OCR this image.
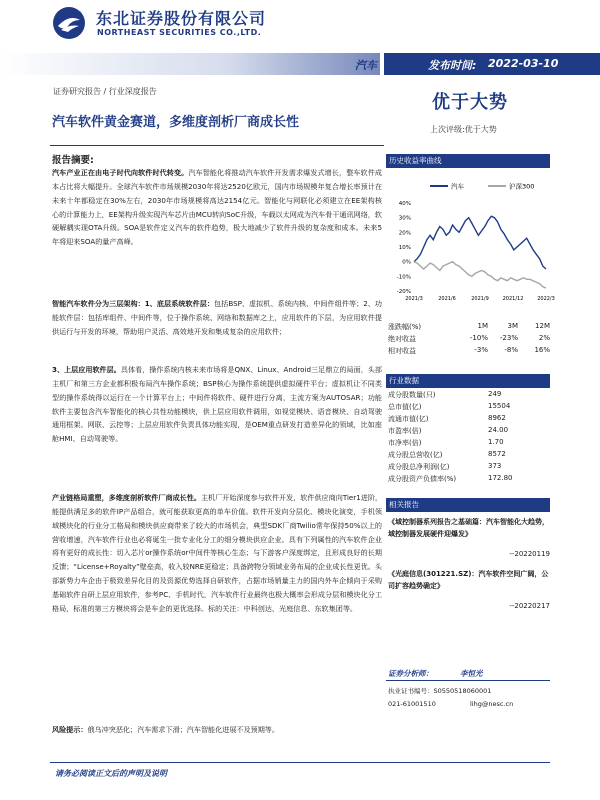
东北证券股份有限公司
NORTHEAST SECURITIES CO.,LTD.
汽车	发布时间: 2022-03-10
证券研究报告 / 行业深度报告
汽车软件黄金赛道，多维度剖析厂商成长性
优于大势
上次评级:优于大势
报告摘要:
汽车产业正在由电子时代向软件时代转变。汽车智能化将推动汽车软件开发需求爆发式增长，整车软件成本占比将大幅提升。全球汽车软件市场规模2030年将达2520亿欧元，国内市场规模年复合增长率预计在未来十年都稳定在30%左右，2030年市场规模将高达2154亿元。智能化与网联化必须建立在EE架构核心的计算能力上，EE架构升级实现汽车芯片由MCU转向SoC升级，车载以太网成为汽车骨干通讯网络，软硬解耦实现OTA升级。SOA是软件定义汽车的软件趋势，极大地减少了软件升级的复杂度和成本。未来5年将迎来SOA的量产高峰。
智能汽车软件分为三层架构：1、底层系统软件层：包括BSP、虚拟机、系统内核、中间件组件等；2、功能软件层：包括库组件、中间件等，位于操作系统、网络和数据库之上，应用软件的下层，为应用软件提供运行与开发的环境，帮助用户灵活、高效地开发和集成复杂的应用软件；
3、上层应用软件层。具体看，操作系统内核未来市场将是QNX、Linux、Android三足鼎立的局面，头部主机厂和第三方企业都积极布局汽车操作系统；BSP核心为操作系统提供虚拟硬件平台；虚拟机让不同类型的操作系统得以运行在一个计算平台上；中间件将软件、硬件进行分离，主流方案为AUTOSAR；功能软件主要包含汽车智能化的核心共性功能模块，供上层应用软件调用，如视觉模块、语音模块、自动驾驶通用框架、网联、云控等；上层应用软件负责具体功能实现，是OEM重点研发打造差异化的领域，比如座舱HMI、自动驾驶等。
产业链格局重塑，多维度剖析软件厂商成长性。主机厂开始深度参与软件开发，软件供应商向Tier1进阶，能提供满足多的软件IP产品组合，就可能获取更高的单车价值。软件开发向分层化、模块化演变，手机领域模块化的行业分工格局和模块供应商带来了较大的市场机会，典型SDK厂商Twilio常年保持50%以上的营收增速，汽车软件行业也必将诞生一批专业化分工的细分模块供应企业。具有下列属性的汽车软件企业将有更好的成长性：切入芯片or操作系统or中间件等核心生态；与下游客户深度绑定，且形成良好的长期反馈；“License+Royalty”壁垒高，收入较NRE更稳定；具备跨物分领域业务布局的企业成长性更优。头部新势力车企由于极致差异化目的及资源优势选择自研软件，占据市场销量主力的国内外车企倾向于采购基础软件自研上层应用软件，参考PC、手机时代，汽车软件行业最终也极大概率会形成分层和模块化分工格局，标准的第三方模块将会是车企的更优选择。标的关注：中科创达、光庭信息、东软集团等。
风险提示：俄乌冲突恶化；汽车需求下滑；汽车智能化进展不及预期等。
历史收益率曲线
汽车	沪深300
40%
30%
20%
10%
0%
-10%
-20%
2021/3	2021/6	2021/9	2021/12	2022/3
涨跌幅(%)	1M	3M	12M
绝对收益	-10%	-23%	2%
相对收益	-3%	-8%	16%
行业数据
成分股数量(只)	249
总市值(亿)	15504
流通市值(亿)	8962
市盈率(倍)	24.00
市净率(倍)	1.70
成分股总营收(亿)	8572
成分股总净利润(亿)	373
成分股资产负债率(%)	172.80
相关报告
《域控制器系列报告之基础篇：汽车智能化大趋势，域控制器发展硬件迎爆发》
--20220119
《光庭信息(301221.SZ)：汽车软件空间广阔，公司扩容趋势确定》
--20220217
证券分析师：	李恒光
执业证书编号：S0550518060001
021-61001510	lihg@nesc.cn
请务必阅读正文后的声明及说明
